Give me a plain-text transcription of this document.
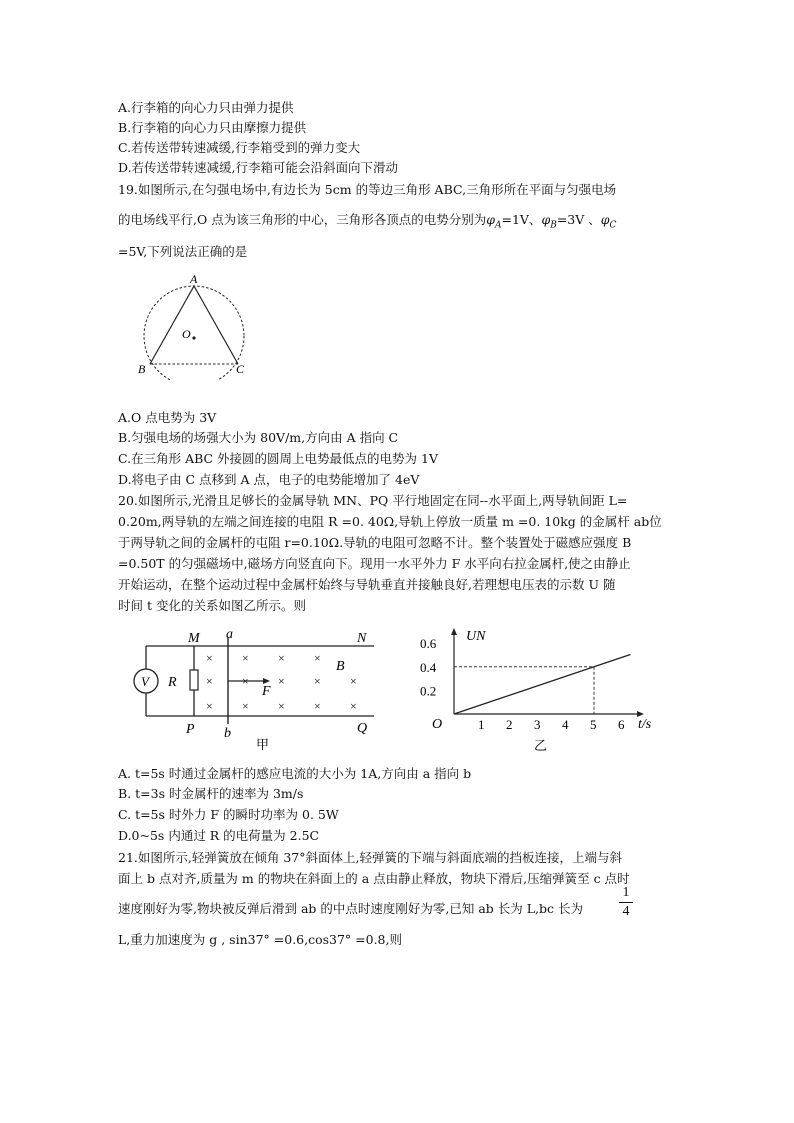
A.行李箱的向心力只由弹力提供
B.行李箱的向心力只由摩擦力提供
C.若传送带转速减缓,行李箱受到的弹力变大
D.若传送带转速减缓,行李箱可能会沿斜面向下滑动
19.如图所示,在匀强电场中,有边长为 5cm 的等边三角形 ABC,三角形所在平面与匀强电场
的电场线平行,O 点为该三角形的中心，三角形各顶点的电势分别为$\varphi_A=1V$、$\varphi_B=3V$ 、$\varphi_C$
=5V,下列说法正确的是
A
B	C
O
A.O 点电势为 3V
B.匀强电场的场强大小为 80V/m,方向由 A 指向 C
C.在三角形 ABC 外接圆的圆周上电势最低点的电势为 1V
D.将电子由 C 点移到 A 点，电子的电势能增加了 4eV
20.如图所示,光滑且足够长的金属导轨 MN、PQ 平行地固定在同--水平面上,两导轨间距 L=
0.20m,两导轨的左端之间连接的电阻 R =0. 40Ω,导轨上停放一质量 m =0. 10kg 的金属杆 ab位
于两导轨之间的金属杆的屯阻 r=0.10Ω.导轨的电阻可忽略不计。整个装置处于磁感应强度 B
=0.50T 的匀强磁场中,磁场方向竖直向下。现用一水平外力 F 水平向右拉金属杆,使之由静止
开始运动，在整个运动过程中金属杆始终与导轨垂直并接触良好,若理想电压表的示数 U 随
时间 t 变化的关系如图乙所示。则
V R
M a	N
P b	Q
B
F
甲
× × ×
× × × ×
× × × ×
×
×
×
0.6
0.4
0.2
1 2 3 4 5 6
UN
t/s
O
乙
A. t=5s 时通过金属杆的感应电流的大小为 1A,方向由 a 指向 b
B. t=3s 时金属杆的速率为 3m/s
C. t=5s 时外力 F 的瞬时功率为 0. 5W
D.0~5s 内通过 R 的电荷量为 2.5C
21.如图所示,轻弹簧放在倾角 37°斜面体上,轻弹簧的下端与斜面底端的挡板连接，上端与斜
面上 b 点对齐,质量为 m 的物块在斜面上的 a 点由静止释放，物块下滑后,压缩弹簧至 c 点时
速度刚好为零,物块被反弹后滑到 ab 的中点时速度刚好为零,已知 ab 长为 L,bc 长为
1
4
L,重力加速度为 g , sin37° =0.6,cos37° =0.8,则
